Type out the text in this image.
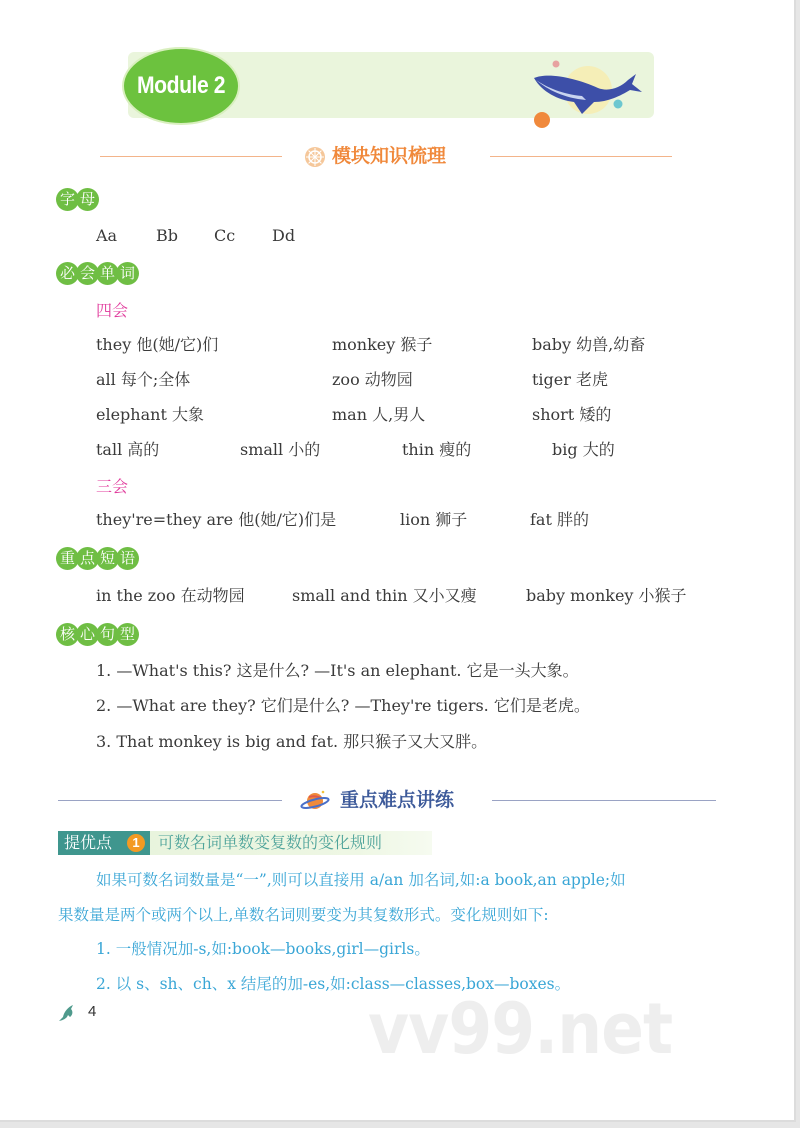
Module 2
模块知识梳理
字 母
Aa Bb Cc Dd
必 会 单 词
四会
they 他(她/它)们	monkey 猴子	baby 幼兽,幼畜
all 每个;全体	zoo 动物园	tiger 老虎
elephant 大象	man 人,男人	short 矮的
tall 高的	small 小的	thin 瘦的	big 大的
三会
they're=they are 他(她/它)们是	lion 狮子	fat 胖的
重 点 短 语
in the zoo 在动物园	small and thin 又小又瘦	baby monkey 小猴子
核 心 句 型
1. —What's this? 这是什么? —It's an elephant. 它是一头大象。
2. —What are they? 它们是什么? —They're tigers. 它们是老虎。
3. That monkey is big and fat. 那只猴子又大又胖。
重点难点讲练
提优点	1	可数名词单数变复数的变化规则
如果可数名词数量是“一”,则可以直接用 a/an 加名词,如:a book,an apple;如
果数量是两个或两个以上,单数名词则要变为其复数形式。变化规则如下:
1. 一般情况加-s,如:book—books,girl—girls。
2. 以 s、sh、ch、x 结尾的加-es,如:class—classes,box—boxes。
4	vv99.net
